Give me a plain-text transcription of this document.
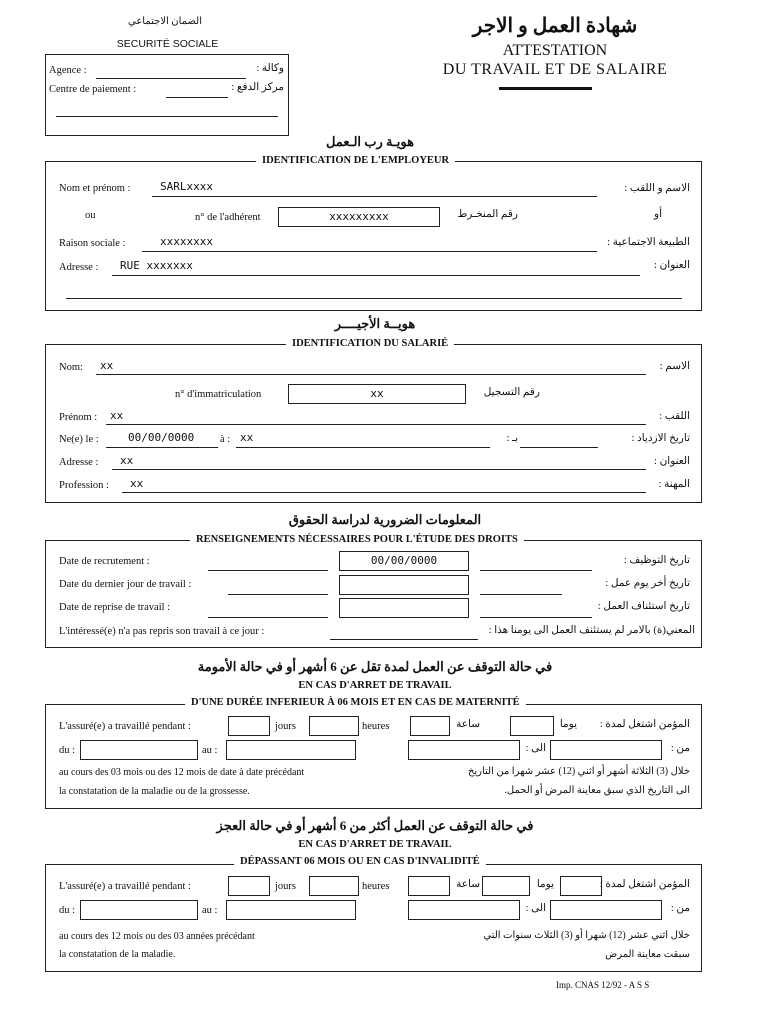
الضمان الاجتماعي
SECURITÉ SOCIALE
Agence :	وكالة :
Centre de paiement :	مركز الدفع :
شهادة العمل و الاجر
ATTESTATION
DU TRAVAIL ET DE SALAIRE
هويـة رب الـعمل
IDENTIFICATION DE L'EMPLOYEUR
Nom et prénom :	SARLxxxx	الاسم و اللقب :
ou	n° de l'adhérent	xxxxxxxxx	رقم المنخـرط	أو
Raison sociale :	xxxxxxxx	الطبيعة الاجتماعية :
Adresse : RUE xxxxxxx	العنوان :
هويــة الأجيــــر
IDENTIFICATION DU SALARIÉ
Nom: xx	الاسم :
n° d'immatriculation	xx	رقم التسجيل
Prénom : xx	اللقب :
Ne(e) le :	00/00/0000 à : xx	بـ :	تاريخ الازدياد :
Adresse : xx	العنوان :
Profession : xx	المهنة :
المعلومات الضرورية لدراسة الحقوق
RENSEIGNEMENTS NÉCESSAIRES POUR L'ÉTUDE DES DROITS
Date de recrutement :	00/00/0000	تاريخ التوظيف :
Date du dernier jour de travail :	تاريخ أخر يوم عمل :
Date de reprise de travail :	تاريخ استئناف العمل :
L'intéressé(e) n'a pas repris son travail à ce jour :	المعني(ة) بالامر لم يستئنف العمل الى يومنا هذا :
في حالة التوقف عن العمل لمدة تقل عن 6 أشهر أو في حالة الأمومة
EN CAS D'ARRET DE TRAVAIL
D'UNE DURÉE INFERIEUR À 06 MOIS ET EN CAS DE MATERNITÉ
L'assuré(e) a travaillé pendant :	jours	heures	ساعة	يوما المؤمن اشتغل لمدة :
du :	au :	الى :	من :
au cours des 03 mois ou des 12 mois de date à date précédant
la constatation de la maladie ou de la grossesse.
خلال (3) الثلاثة أشهر أو اثني (12) عشر شهرا من التاريخ
الى التاريخ الذي سبق معاينة المرض أو الحمل.
في حالة التوقف عن العمل أكثر من 6 أشهر أو في حالة العجز
EN CAS D'ARRET DE TRAVAIL
DÉPASSANT 06 MOIS OU EN CAS D'INVALIDITÉ
L'assuré(e) a travaillé pendant :	jours	heures	ساعة	يوما	المؤمن اشتغل لمدة :
du :	au :	الى :	من :
au cours des 12 mois ou des 03 années précédant
la constatation de la maladie.
خلال اثني عشر (12) شهرا أو (3) الثلاث سنوات التي
سبقت معاينة المرض
Imp. CNAS 12/92 - A S S
